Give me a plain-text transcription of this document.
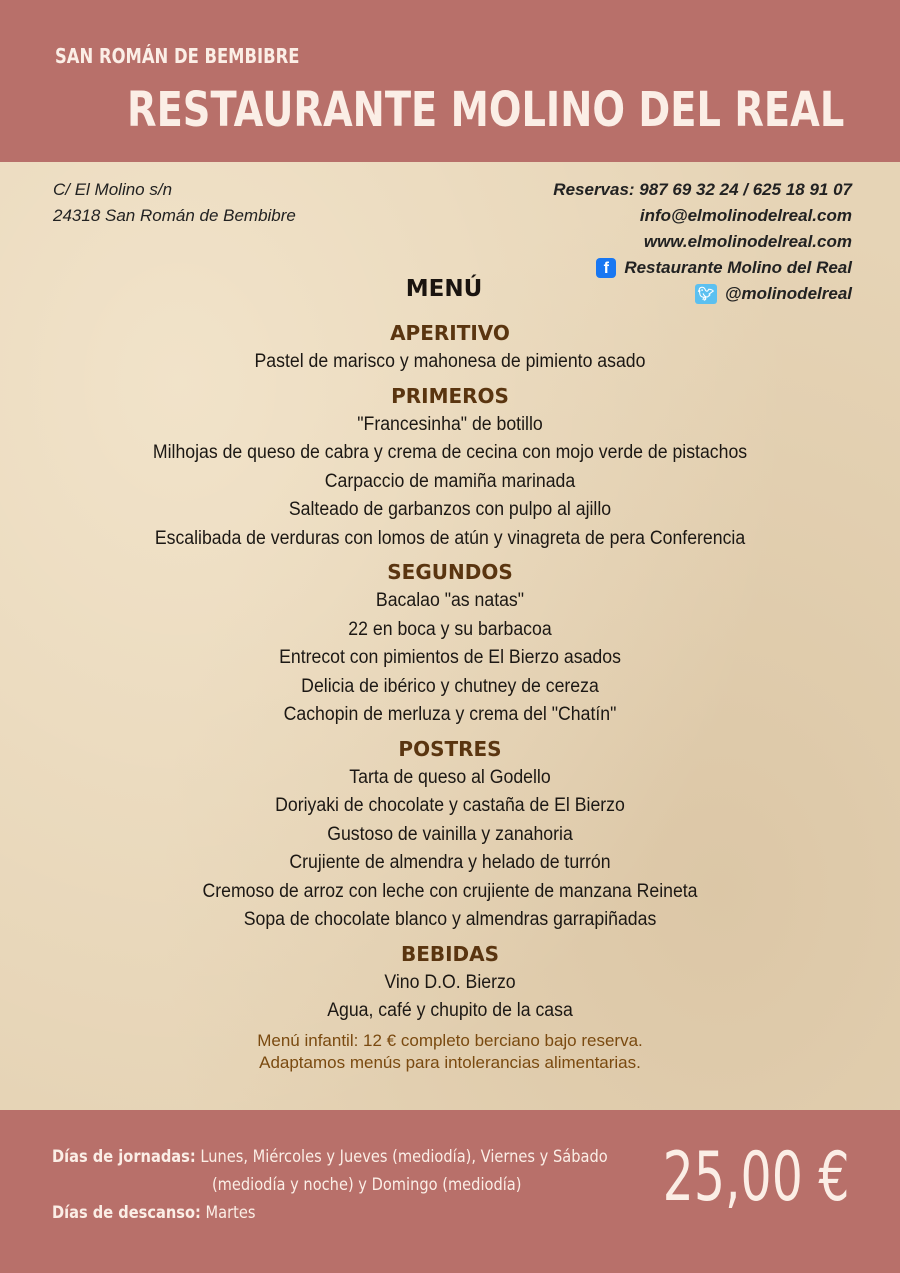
SAN ROMÁN DE BEMBIBRE
RESTAURANTE MOLINO DEL REAL
C/ El Molino s/n
24318 San Román de Bembibre
Reservas: 987 69 32 24 / 625 18 91 07
info@elmolinodelreal.com
www.elmolinodelreal.com
f Restaurante Molino del Real
🐦︎ @molinodelreal
MENÚ
APERITIVO
Pastel de marisco y mahonesa de pimiento asado
PRIMEROS
"Francesinha" de botillo
Milhojas de queso de cabra y crema de cecina con mojo verde de pistachos
Carpaccio de mamiña marinada
Salteado de garbanzos con pulpo al ajillo
Escalibada de verduras con lomos de atún y vinagreta de pera Conferencia
SEGUNDOS
Bacalao "as natas"
22 en boca y su barbacoa
Entrecot con pimientos de El Bierzo asados
Delicia de ibérico y chutney de cereza
Cachopin de merluza y crema del "Chatín"
POSTRES
Tarta de queso al Godello
Doriyaki de chocolate y castaña de El Bierzo
Gustoso de vainilla y zanahoria
Crujiente de almendra y helado de turrón
Cremoso de arroz con leche con crujiente de manzana Reineta
Sopa de chocolate blanco y almendras garrapiñadas
BEBIDAS
Vino D.O. Bierzo
Agua, café y chupito de la casa
Menú infantil: 12 € completo berciano bajo reserva.
Adaptamos menús para intolerancias alimentarias.
Días de jornadas: Lunes, Miércoles y Jueves (mediodía), Viernes y Sábado
(mediodía y noche) y Domingo (mediodía)
Días de descanso: Martes	25,00 €
